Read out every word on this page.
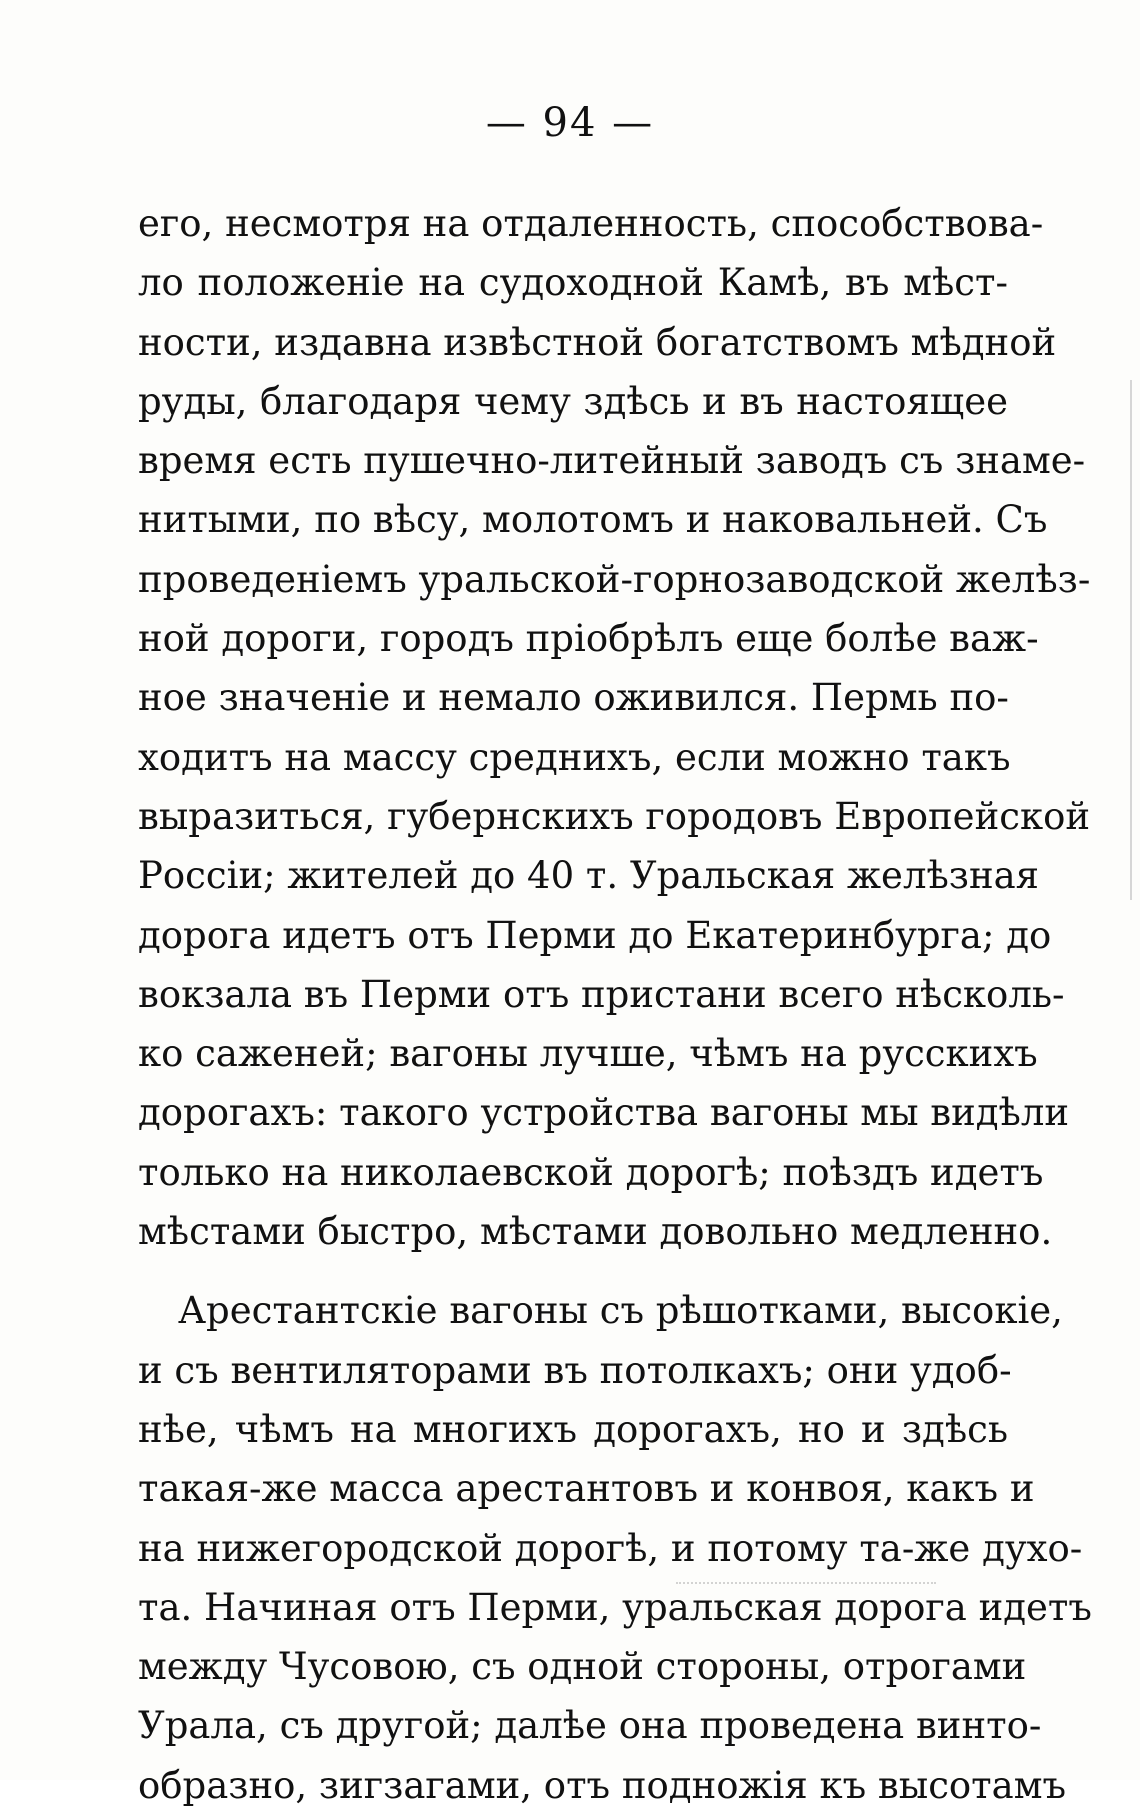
— 94 —
его, несмотря на отдаленность, способствова-
ло положеніе на судоходной Камѣ, въ мѣст-
ности, издавна извѣстной богатствомъ мѣдной
руды, благодаря чему здѣсь и въ настоящее
время есть пушечно-литейный заводъ съ знаме-
нитыми, по вѣсу, молотомъ и наковальней. Съ
проведеніемъ уральской-горнозаводской желѣз-
ной дороги, городъ пріобрѣлъ еще болѣе важ-
ное значеніе и немало оживился. Пермь по-
ходитъ на массу среднихъ, если можно такъ
выразиться, губернскихъ городовъ Европейской
Россіи; жителей до 40 т. Уральская желѣзная
дорога идетъ отъ Перми до Екатеринбурга; до
вокзала въ Перми отъ пристани всего нѣсколь-
ко саженей; вагоны лучше, чѣмъ на русскихъ
дорогахъ: такого устройства вагоны мы видѣли
только на николаевской дорогѣ; поѣздъ идетъ
мѣстами быстро, мѣстами довольно медленно.
Арестантскіе вагоны съ рѣшотками, высокіе,
и съ вентиляторами въ потолкахъ; они удоб-
нѣе, чѣмъ на многихъ дорогахъ, но и здѣсь
такая-же масса арестантовъ и конвоя, какъ и
на нижегородской дорогѣ, и потому та-же духо-
та. Начиная отъ Перми, уральская дорога идетъ
между Чусовою, съ одной стороны, отрогами
Урала, съ другой; далѣе она проведена винто-
образно, зигзагами, отъ подножія къ высотамъ
